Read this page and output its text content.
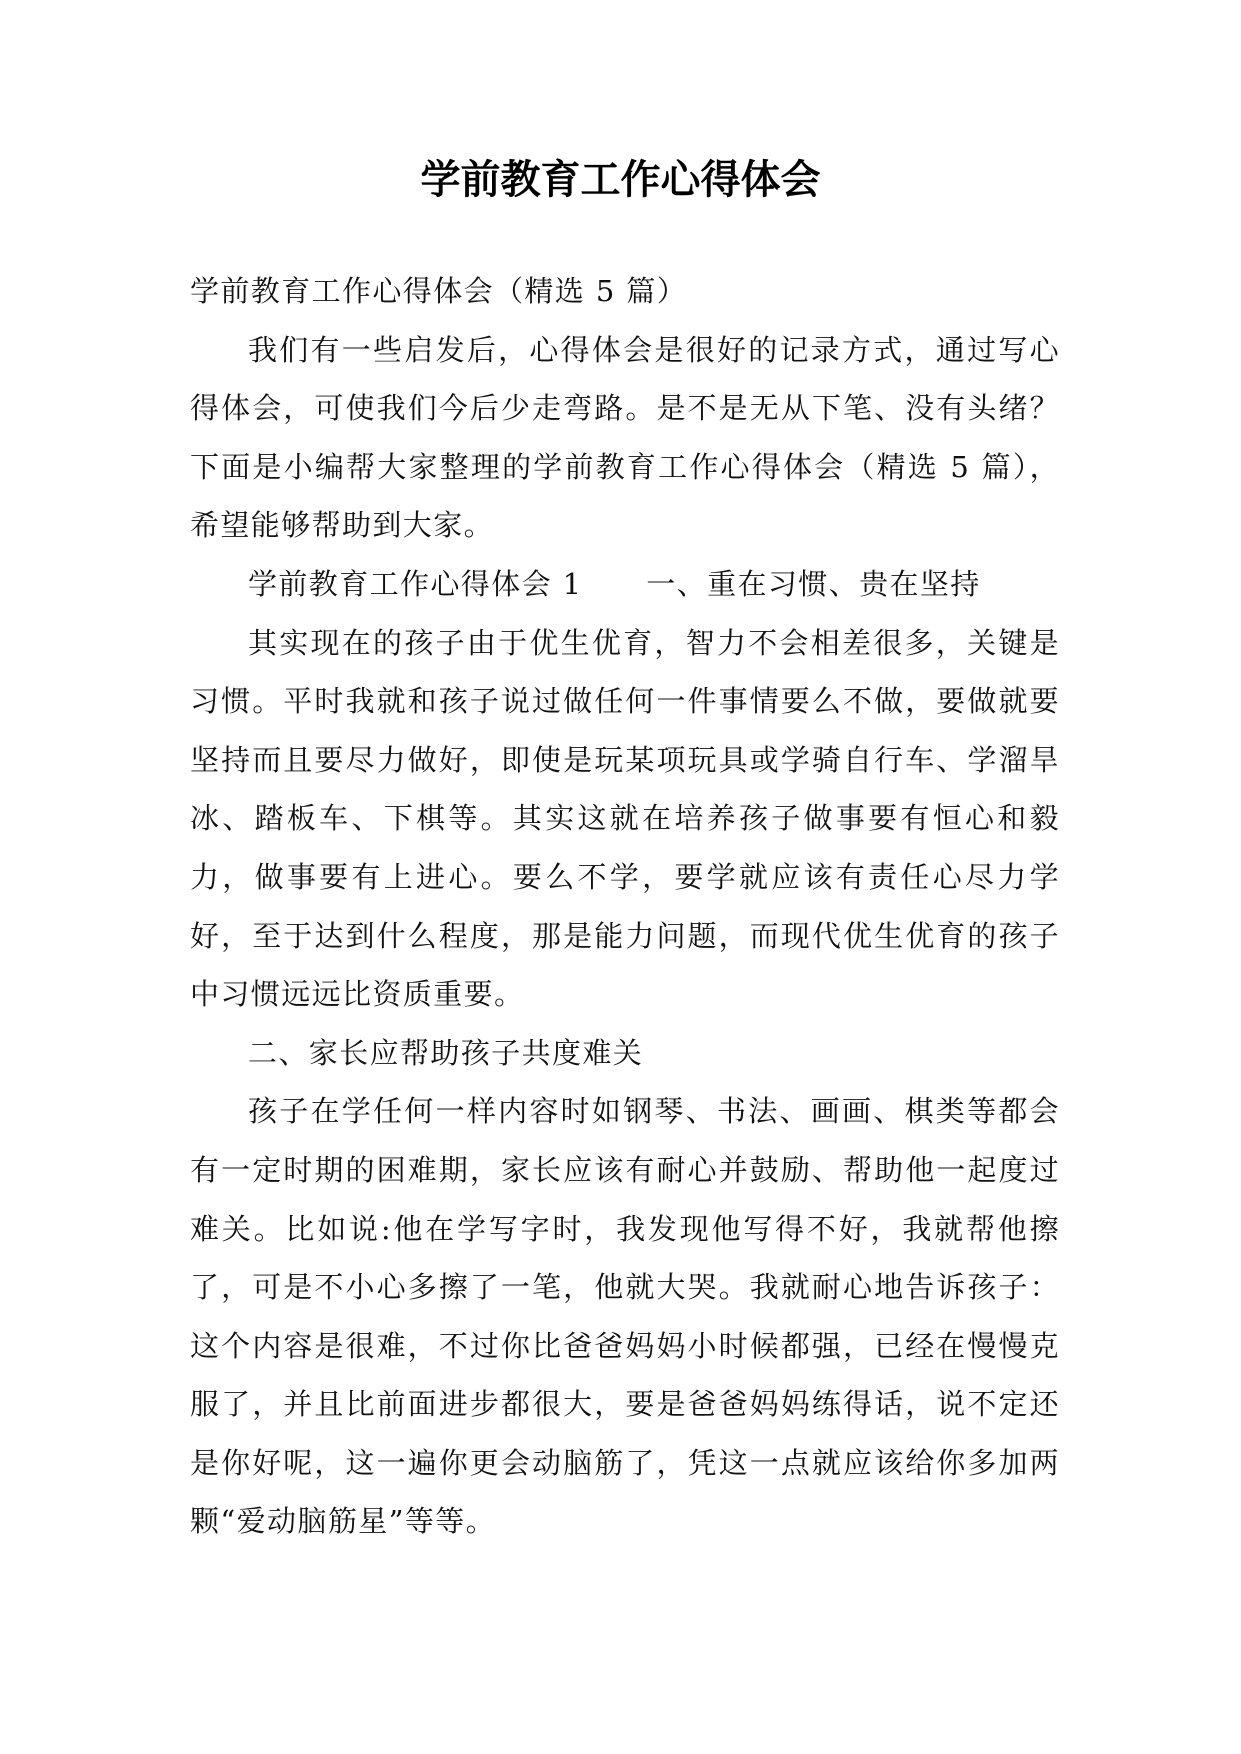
学前教育工作心得体会

学前教育工作心得体会（精选 5 篇）

我们有一些启发后，心得体会是很好的记录方式，通过写心得体会，可使我们今后少走弯路。是不是无从下笔、没有头绪？下面是小编帮大家整理的学前教育工作心得体会（精选 5 篇），希望能够帮助到大家。

学前教育工作心得体会 1 一、重在习惯、贵在坚持

其实现在的孩子由于优生优育，智力不会相差很多，关键是习惯。平时我就和孩子说过做任何一件事情要么不做，要做就要坚持而且要尽力做好，即使是玩某项玩具或学骑自行车、学溜旱冰、踏板车、下棋等。其实这就在培养孩子做事要有恒心和毅力，做事要有上进心。要么不学，要学就应该有责任心尽力学好，至于达到什么程度，那是能力问题，而现代优生优育的孩子中习惯远远比资质重要。

二、家长应帮助孩子共度难关

孩子在学任何一样内容时如钢琴、书法、画画、棋类等都会有一定时期的困难期，家长应该有耐心并鼓励、帮助他一起度过难关。比如说:他在学写字时，我发现他写得不好，我就帮他擦了，可是不小心多擦了一笔，他就大哭。我就耐心地告诉孩子：这个内容是很难，不过你比爸爸妈妈小时候都强，已经在慢慢克服了，并且比前面进步都很大，要是爸爸妈妈练得话，说不定还是你好呢，这一遍你更会动脑筋了，凭这一点就应该给你多加两颗“爱动脑筋星”等等。
